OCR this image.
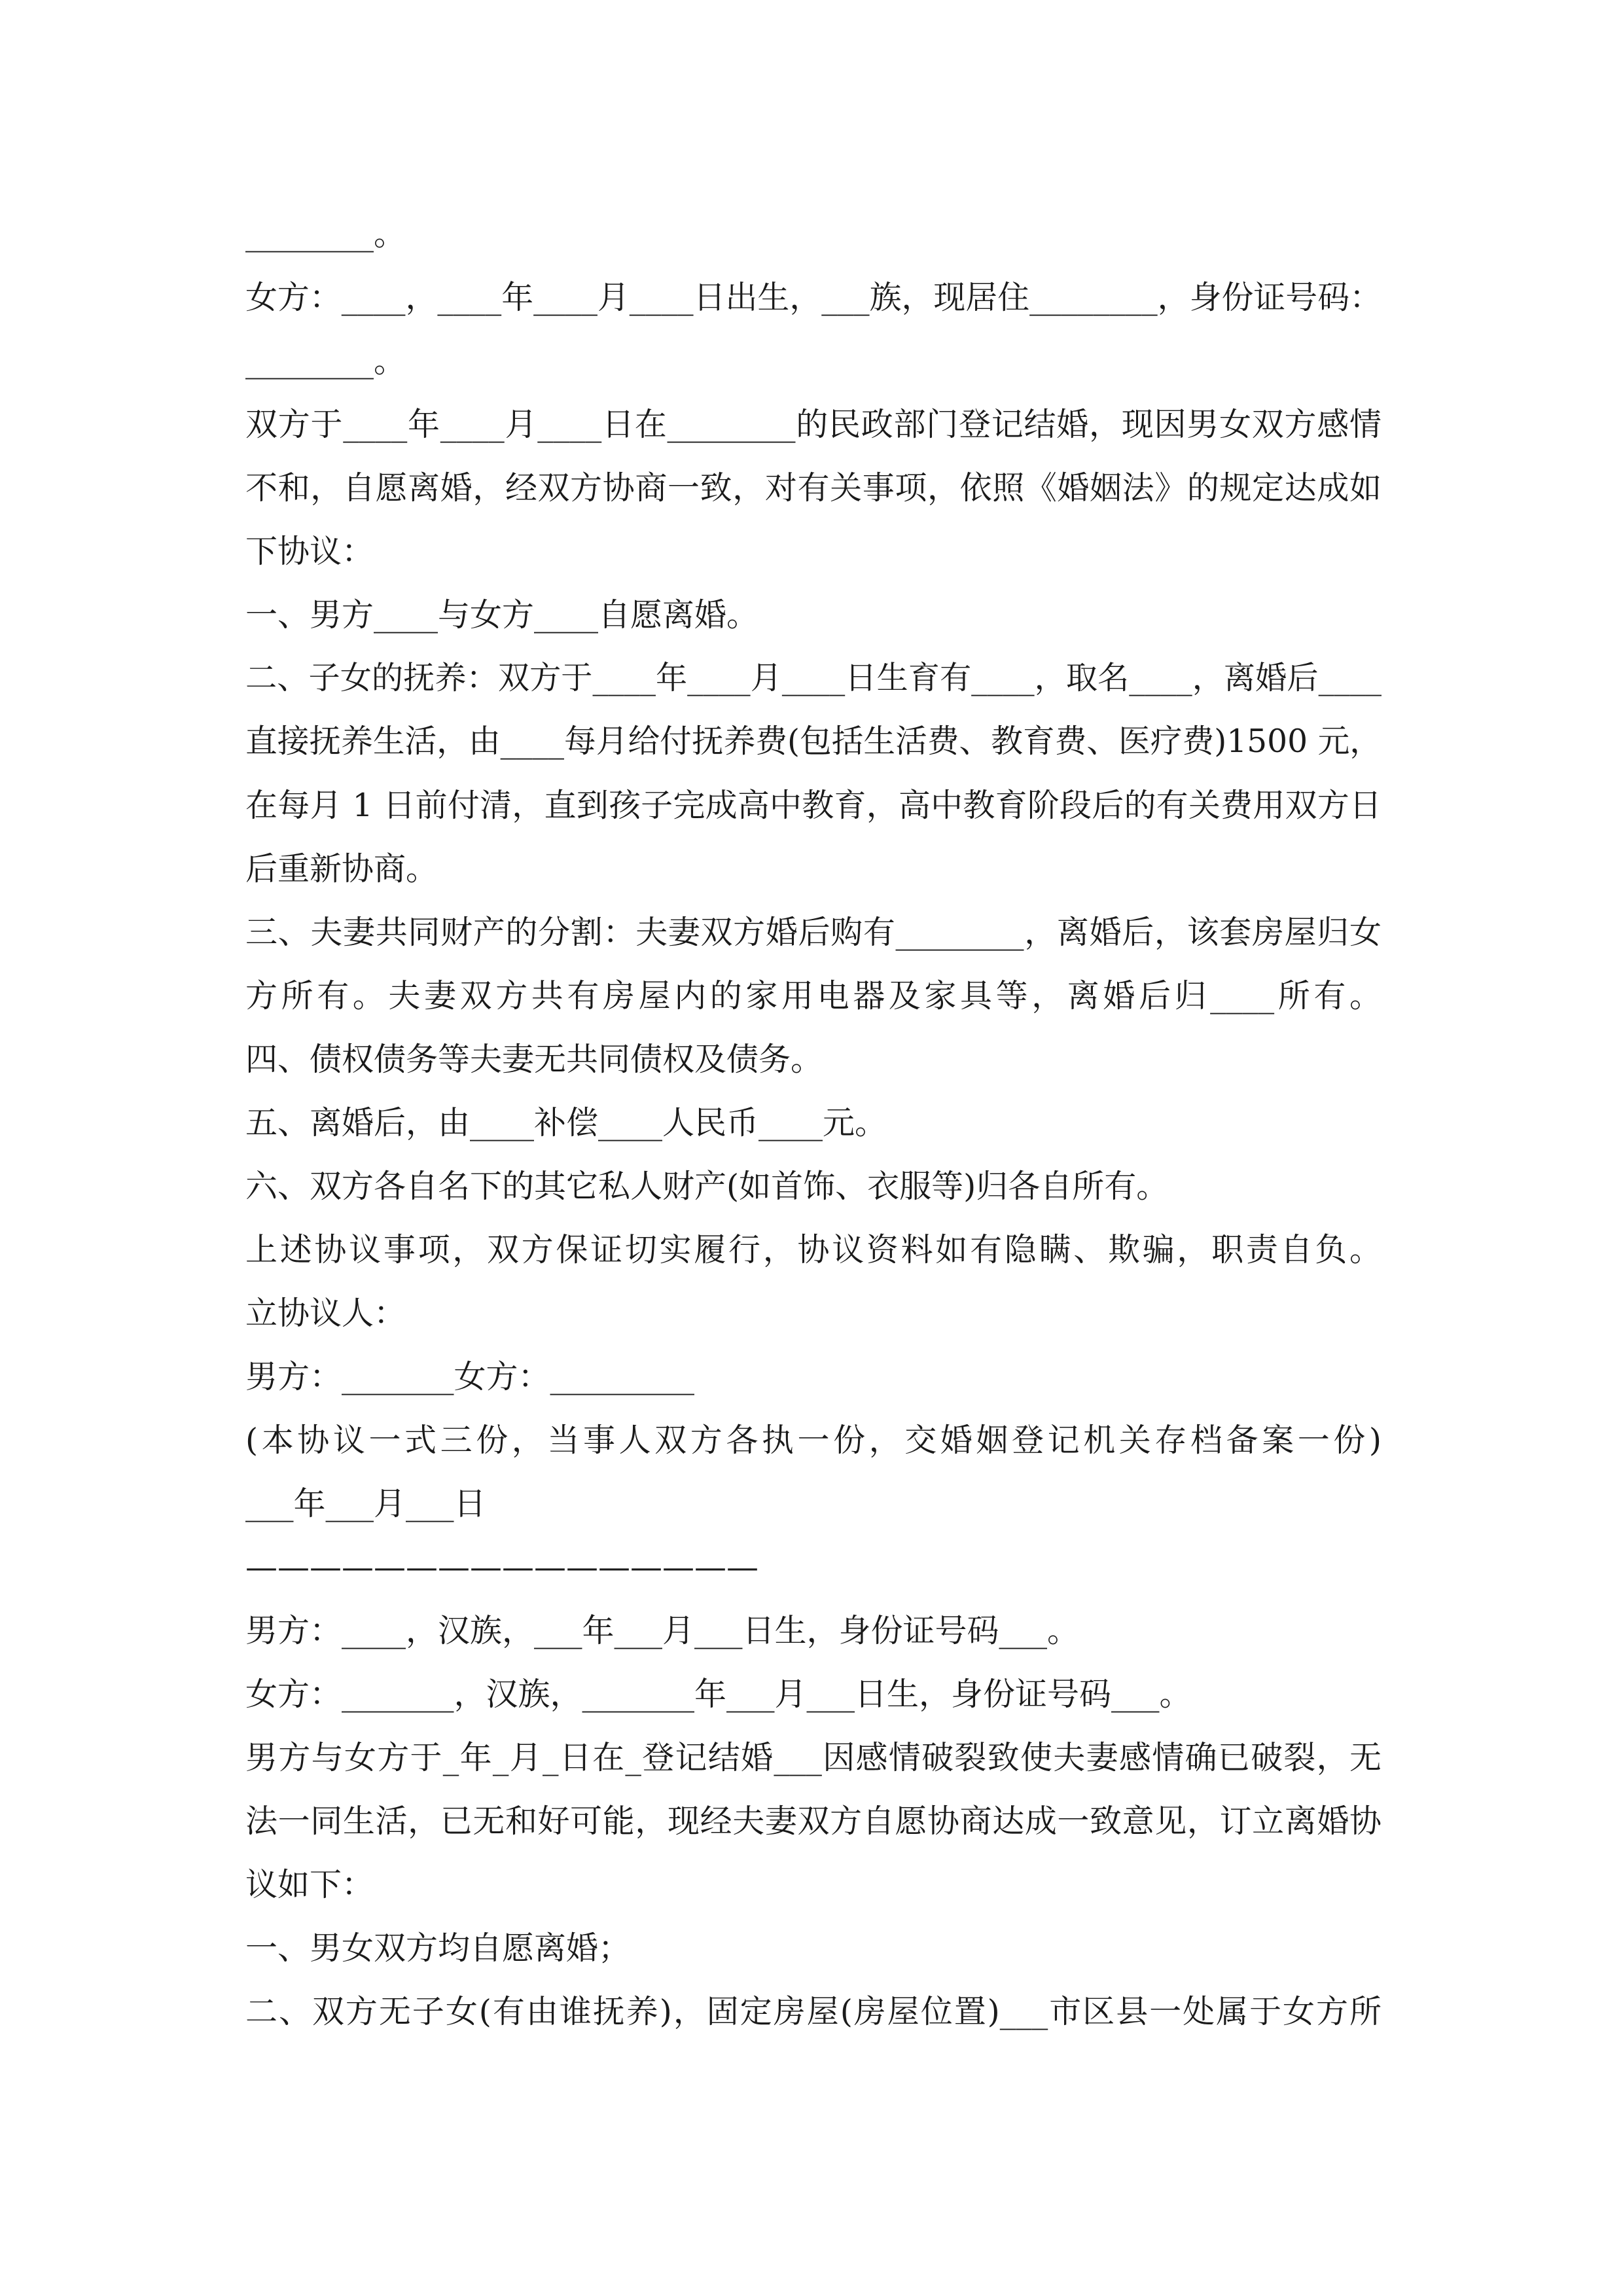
________。
女方：____，____年____月____日出生，___族，现居住________，身份证号码：
________。
双方于____年____月____日在________的民政部门登记结婚，现因男女双方感情
不和，自愿离婚，经双方协商一致，对有关事项，依照《婚姻法》的规定达成如
下协议：
一、男方____与女方____自愿离婚。
二、子女的抚养：双方于____年____月____日生育有____，取名____，离婚后____
直接抚养生活，由____每月给付抚养费(包括生活费、教育费、医疗费)1500 元，
在每月 1 日前付清，直到孩子完成高中教育，高中教育阶段后的有关费用双方日
后重新协商。
三、夫妻共同财产的分割：夫妻双方婚后购有________，离婚后，该套房屋归女
方所有。夫妻双方共有房屋内的家用电器及家具等，离婚后归____所有。
四、债权债务等夫妻无共同债权及债务。
五、离婚后，由____补偿____人民币____元。
六、双方各自名下的其它私人财产(如首饰、衣服等)归各自所有。
上述协议事项，双方保证切实履行，协议资料如有隐瞒、欺骗，职责自负。
立协议人：
男方：_______女方：_________
(本协议一式三份，当事人双方各执一份，交婚姻登记机关存档备案一份)
___年___月___日
————————————————
男方：____，汉族，___年___月___日生，身份证号码___。
女方：_______，汉族，_______年___月___日生，身份证号码___。
男方与女方于_年_月_日在_登记结婚___因感情破裂致使夫妻感情确已破裂，无
法一同生活，已无和好可能，现经夫妻双方自愿协商达成一致意见，订立离婚协
议如下：
一、男女双方均自愿离婚；
二、双方无子女(有由谁抚养)，固定房屋(房屋位置)___市区县一处属于女方所
